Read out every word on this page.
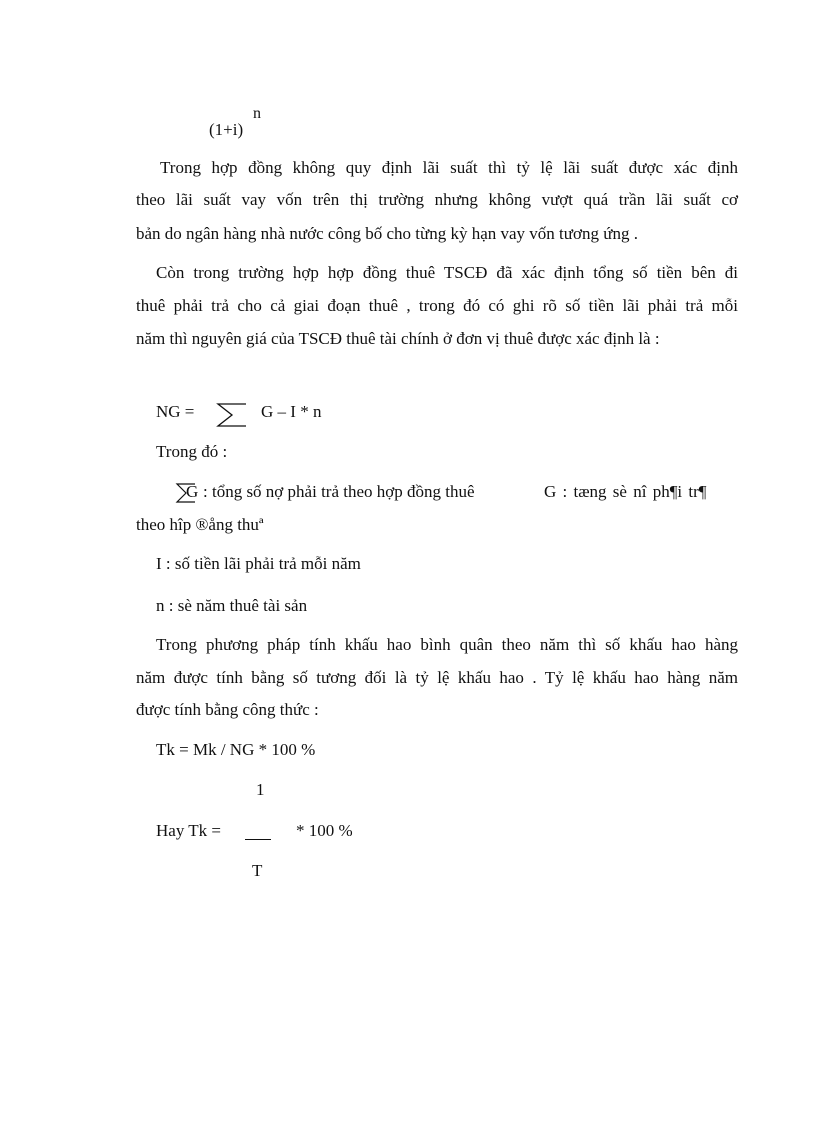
(1+i)
n
Trong hợp đồng không quy định lãi suất thì tỷ lệ lãi suất được xác định
theo lãi suất vay vốn trên thị trường nhưng không vượt quá trần lãi suất cơ
bản do ngân hàng nhà nước công bố cho từng kỳ hạn vay vốn tương ứng .
Còn trong trường hợp hợp đồng thuê TSCĐ đã xác định tổng số tiền bên đi
thuê phải trả cho cả giai đoạn thuê , trong đó có ghi rõ số tiền lãi phải trả mỗi
năm thì nguyên giá của TSCĐ thuê tài chính ở đơn vị thuê được xác định là :
NG =	G – I * n
Trong đó :
G : tổng số nợ phải trả theo hợp đồng thuê	G : tæng sè nî ph¶i tr¶
theo hîp ®ång thuª
I : số tiền lãi phải trả mỗi năm
n : sè năm thuê tài sản
Trong phương pháp tính khấu hao bình quân theo năm thì số khấu hao hàng
năm được tính bằng số tương đối là tỷ lệ khấu hao . Tỷ lệ khấu hao hàng năm
được tính bằng công thức :
Tk = Mk / NG * 100 %
1
Hay Tk =	* 100 %
T
